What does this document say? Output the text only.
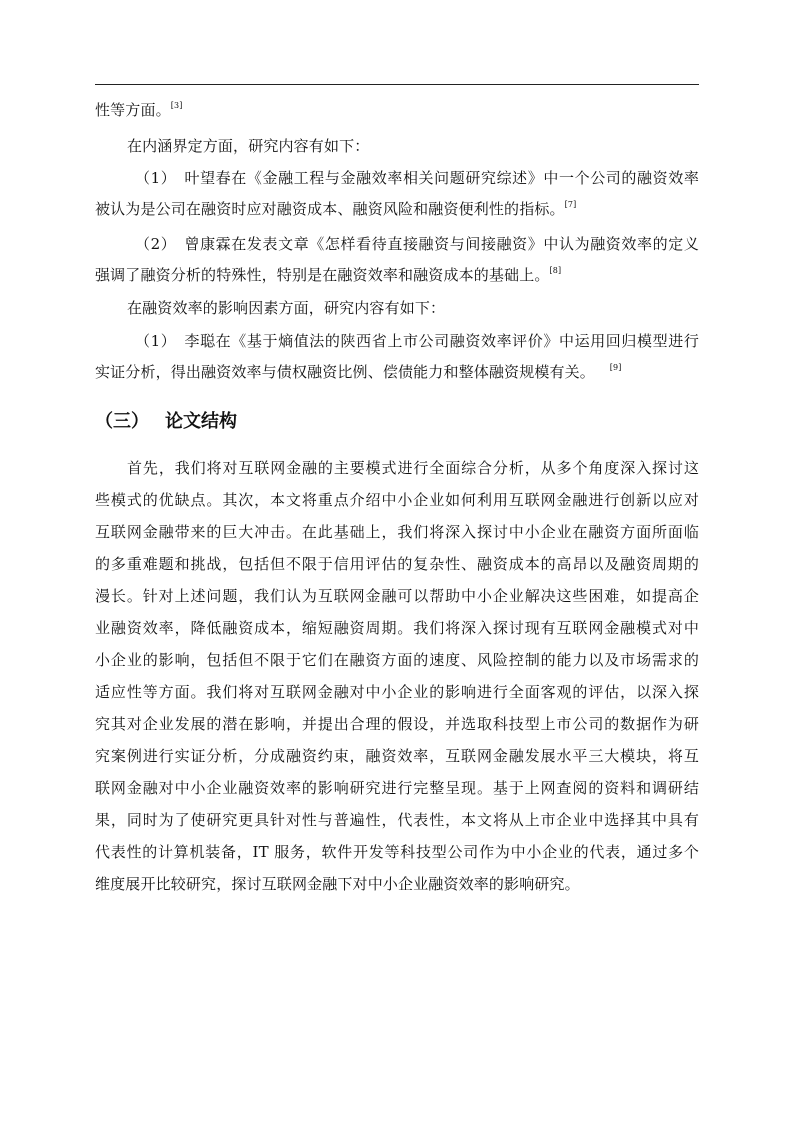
性等方面。[3]
在内涵界定方面，研究内容有如下：
（1）　叶望春在《金融工程与金融效率相关问题研究综述》中一个公司的融资效率
被认为是公司在融资时应对融资成本、融资风险和融资便利性的指标。[7]
（2）　曾康霖在发表文章《怎样看待直接融资与间接融资》中认为融资效率的定义
强调了融资分析的特殊性，特别是在融资效率和融资成本的基础上。[8]
在融资效率的影响因素方面，研究内容有如下：
（1）　李聪在《基于熵值法的陕西省上市公司融资效率评价》中运用回归模型进行
实证分析，得出融资效率与债权融资比例、偿债能力和整体融资规模有关。 [9]
（三） 论文结构
首先，我们将对互联网金融的主要模式进行全面综合分析，从多个角度深入探讨这
些模式的优缺点。其次，本文将重点介绍中小企业如何利用互联网金融进行创新以应对
互联网金融带来的巨大冲击。在此基础上，我们将深入探讨中小企业在融资方面所面临
的多重难题和挑战，包括但不限于信用评估的复杂性、融资成本的高昂以及融资周期的
漫长。针对上述问题，我们认为互联网金融可以帮助中小企业解决这些困难，如提高企
业融资效率，降低融资成本，缩短融资周期。我们将深入探讨现有互联网金融模式对中
小企业的影响，包括但不限于它们在融资方面的速度、风险控制的能力以及市场需求的
适应性等方面。我们将对互联网金融对中小企业的影响进行全面客观的评估，以深入探
究其对企业发展的潜在影响，并提出合理的假设，并选取科技型上市公司的数据作为研
究案例进行实证分析，分成融资约束，融资效率，互联网金融发展水平三大模块，将互
联网金融对中小企业融资效率的影响研究进行完整呈现。基于上网查阅的资料和调研结
果，同时为了使研究更具针对性与普遍性，代表性，本文将从上市企业中选择其中具有
代表性的计算机装备，IT 服务，软件开发等科技型公司作为中小企业的代表，通过多个
维度展开比较研究，探讨互联网金融下对中小企业融资效率的影响研究。
